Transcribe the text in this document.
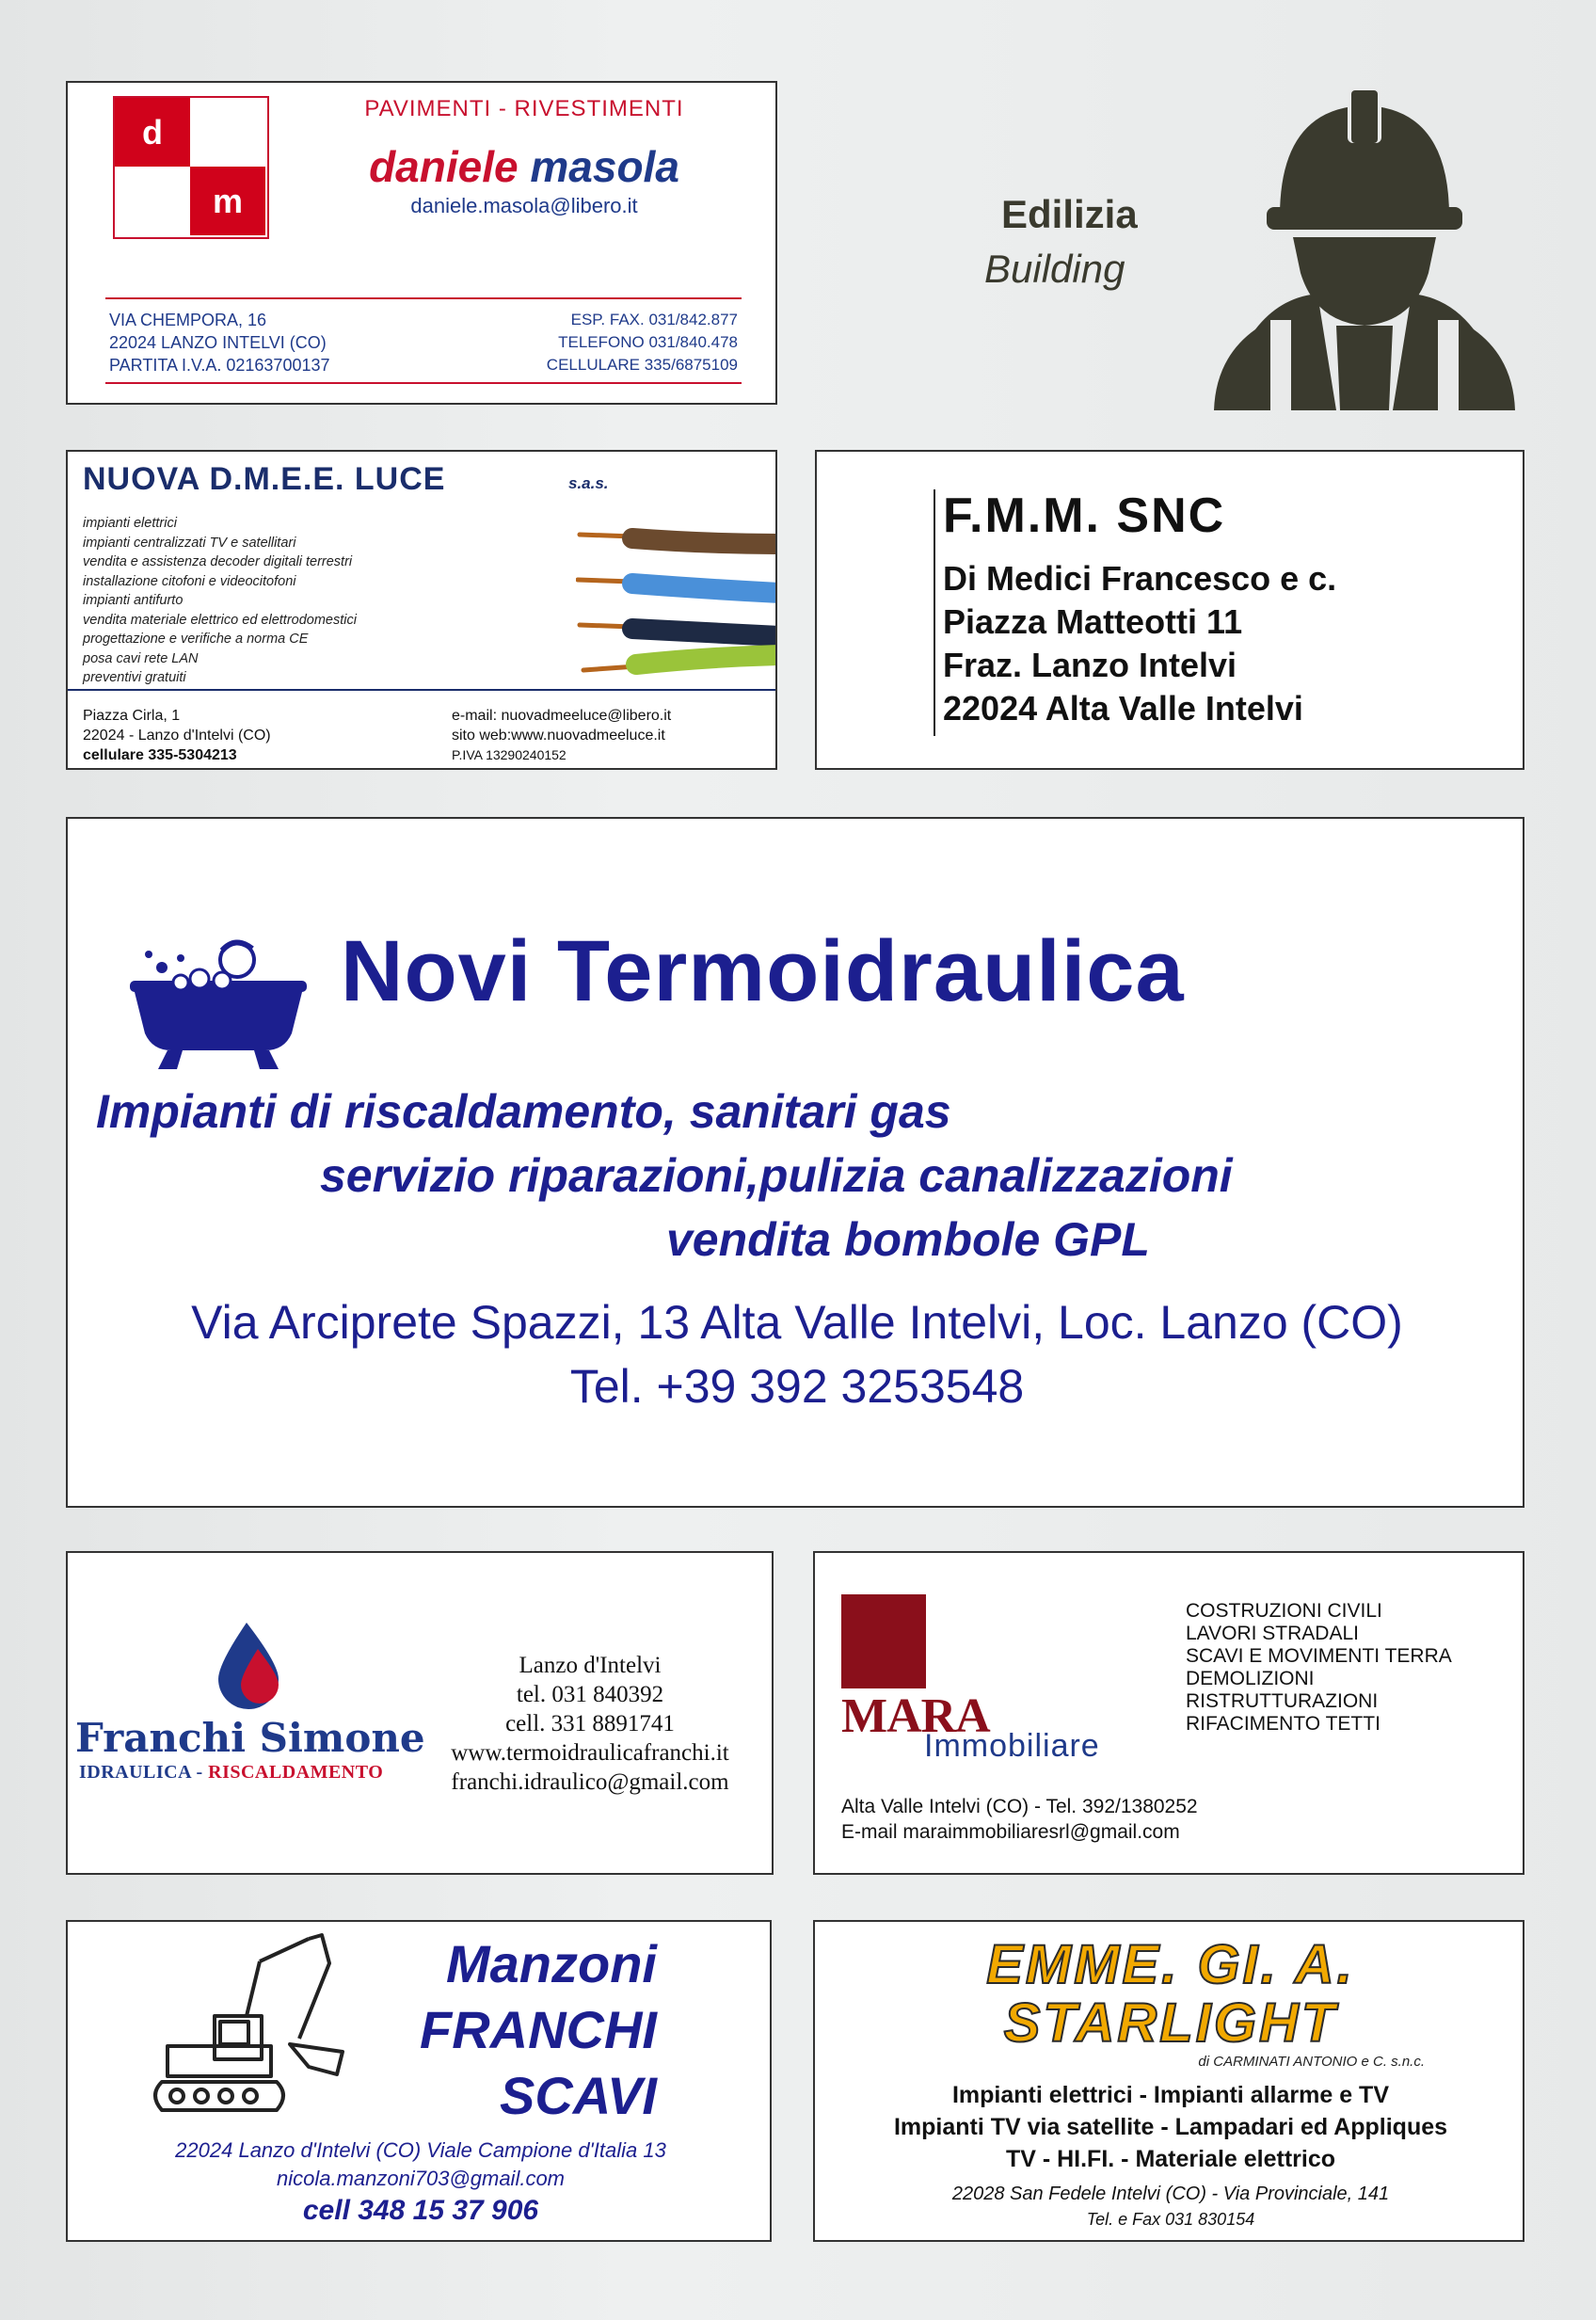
d
m
PAVIMENTI - RIVESTIMENTI
daniele masola
daniele.masola@libero.it
VIA CHEMPORA, 16
22024 LANZO INTELVI (CO)
PARTITA I.V.A. 02163700137
ESP. FAX. 031/842.877
TELEFONO 031/840.478
CELLULARE 335/6875109
Edilizia
Building
NUOVA D.M.E.E. LUCE	s.a.s.
impianti elettrici
impianti centralizzati TV e satellitari
vendita e assistenza decoder digitali terrestri
installazione citofoni e videocitofoni
impianti antifurto
vendita materiale elettrico ed elettrodomestici
progettazione e verifiche a norma CE
posa cavi rete LAN
preventivi gratuiti
Piazza Cirla, 1
22024 - Lanzo d'Intelvi (CO)
cellulare 335-5304213
e-mail: nuovadmeeluce@libero.it
sito web:www.nuovadmeeluce.it
P.IVA 13290240152
F.M.M. SNC
Di Medici Francesco e c.
Piazza Matteotti 11
Fraz. Lanzo Intelvi
22024 Alta Valle Intelvi
Novi Termoidraulica
Impianti di riscaldamento, sanitari gas
servizio riparazioni,pulizia canalizzazioni
vendita bombole GPL
Via Arciprete Spazzi, 13 Alta Valle Intelvi, Loc. Lanzo (CO)
Tel. +39 392 3253548
Franchi Simone
IDRAULICA - RISCALDAMENTO
Lanzo d'Intelvi
tel. 031 840392
cell. 331 8891741
www.termoidraulicafranchi.it
franchi.idraulico@gmail.com
MARA
Immobiliare
COSTRUZIONI CIVILI
LAVORI STRADALI
SCAVI E MOVIMENTI TERRA
DEMOLIZIONI
RISTRUTTURAZIONI
RIFACIMENTO TETTI
Alta Valle Intelvi (CO) - Tel. 392/1380252
E-mail maraimmobiliaresrl@gmail.com
Manzoni
FRANCHI
SCAVI
22024 Lanzo d'Intelvi (CO) Viale Campione d'Italia 13
nicola.manzoni703@gmail.com
cell 348 15 37 906
EMME. GI. A.
STARLIGHT
di CARMINATI ANTONIO e C. s.n.c.
Impianti elettrici - Impianti allarme e TV
Impianti TV via satellite - Lampadari ed Appliques
TV - HI.FI. - Materiale elettrico
22028 San Fedele Intelvi (CO) - Via Provinciale, 141
Tel. e Fax 031 830154
